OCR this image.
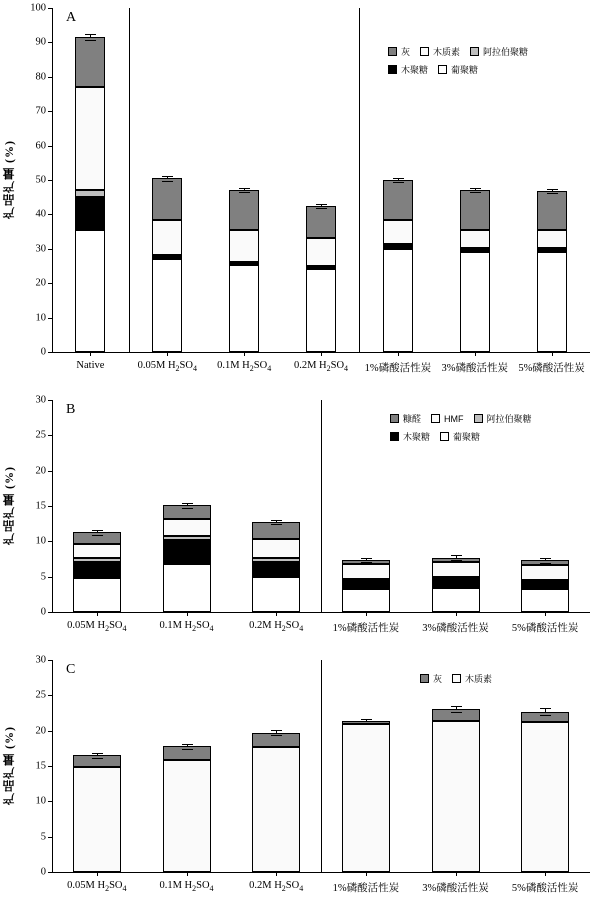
0
10
20
30
40
50
60
70
80
90
100
产品产量 (%)
A
Native	0.05M $H_2SO_4$ 0.1M $H_2SO_4$ 0.2M $H_2SO_4$ 1%磷酸活性炭 3%磷酸活性炭 5%磷酸活性炭
灰	木质素	阿拉伯聚糖
木聚糖	葡聚糖
0
5
10
15
20
25
30
产品产量 (%)
B
0.05M $H_2SO_4$	0.1M $H_2SO_4$	0.2M $H_2SO_4$	1%磷酸活性炭 3%磷酸活性炭 5%磷酸活性炭
糠醛	HMF	阿拉伯聚糖
木聚糖	葡聚糖
0
5
10
15
20
25
30
产品产量 (%)
C
0.05M $H_2SO_4$	0.1M $H_2SO_4$	0.2M $H_2SO_4$	1%磷酸活性炭 3%磷酸活性炭 5%磷酸活性炭
灰	木质素
